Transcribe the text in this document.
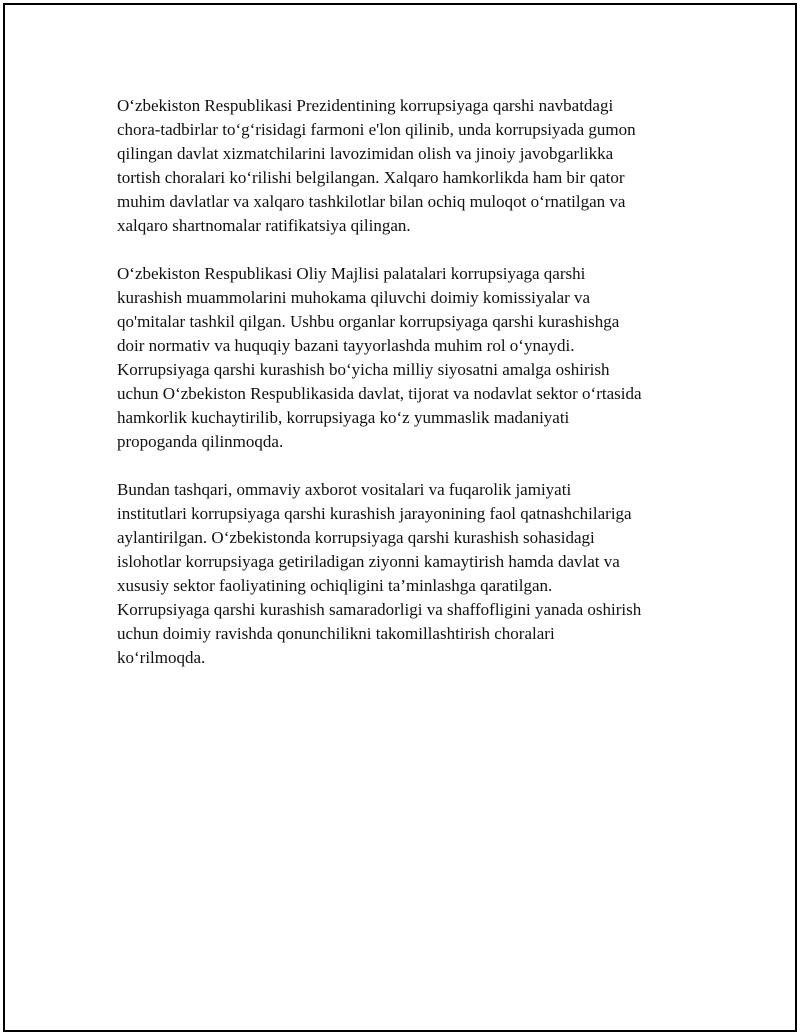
O‘zbekiston Respublikasi Prezidentining korrupsiyaga qarshi navbatdagi
chora-tadbirlar to‘g‘risidagi farmoni e'lon qilinib, unda korrupsiyada gumon
qilingan davlat xizmatchilarini lavozimidan olish va jinoiy javobgarlikka
tortish choralari ko‘rilishi belgilangan. Xalqaro hamkorlikda ham bir qator
muhim davlatlar va xalqaro tashkilotlar bilan ochiq muloqot o‘rnatilgan va
xalqaro shartnomalar ratifikatsiya qilingan.

O‘zbekiston Respublikasi Oliy Majlisi palatalari korrupsiyaga qarshi
kurashish muammolarini muhokama qiluvchi doimiy komissiyalar va
qo'mitalar tashkil qilgan. Ushbu organlar korrupsiyaga qarshi kurashishga
doir normativ va huquqiy bazani tayyorlashda muhim rol o‘ynaydi.
Korrupsiyaga qarshi kurashish bo‘yicha milliy siyosatni amalga oshirish
uchun O‘zbekiston Respublikasida davlat, tijorat va nodavlat sektor o‘rtasida
hamkorlik kuchaytirilib, korrupsiyaga ko‘z yummaslik madaniyati
propoganda qilinmoqda.

Bundan tashqari, ommaviy axborot vositalari va fuqarolik jamiyati
institutlari korrupsiyaga qarshi kurashish jarayonining faol qatnashchilariga
aylantirilgan. O‘zbekistonda korrupsiyaga qarshi kurashish sohasidagi
islohotlar korrupsiyaga getiriladigan ziyonni kamaytirish hamda davlat va
xususiy sektor faoliyatining ochiqligini ta’minlashga qaratilgan.
Korrupsiyaga qarshi kurashish samaradorligi va shaffofligini yanada oshirish
uchun doimiy ravishda qonunchilikni takomillashtirish choralari
ko‘rilmoqda.
